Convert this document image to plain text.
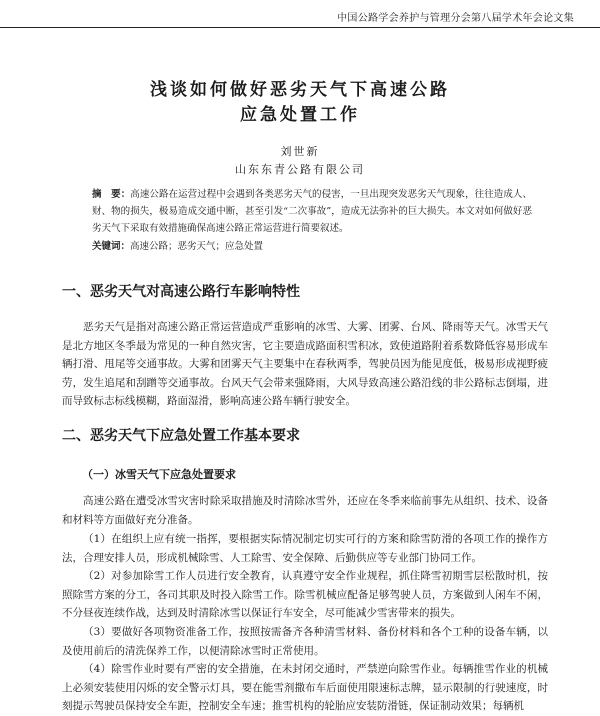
中国公路学会养护与管理分会第八届学术年会论文集
浅谈如何做好恶劣天气下高速公路
应急处置工作
刘世新
山东东青公路有限公司

摘　要：高速公路在运营过程中会遇到各类恶劣天气的侵害，一旦出现突发恶劣天气现象，往往造成人、财、物的损失，极易造成交通中断，甚至引发“二次事故”，造成无法弥补的巨大损失。本文对如何做好恶劣天气下采取有效措施确保高速公路正常运营进行简要叙述。

关键词：高速公路；恶劣天气；应急处置
一、恶劣天气对高速公路行车影响特性

恶劣天气是指对高速公路正常运营造成严重影响的冰雪、大雾、团雾、台风、降雨等天气。冰雪天气是北方地区冬季最为常见的一种自然灾害，它主要造成路面积雪积冰，致使道路附着系数降低容易形成车辆打滑、甩尾等交通事故。大雾和团雾天气主要集中在春秋两季，驾驶员因为能见度低，极易形成视野疲劳，发生追尾和刮蹭等交通事故。台风天气会带来强降雨，大风导致高速公路沿线的非公路标志倒塌，进而导致标志标线模糊，路面湿滑，影响高速公路车辆行驶安全。

二、恶劣天气下应急处置工作基本要求
（一）冰雪天气下应急处置要求

高速公路在遭受冰雪灾害时除采取措施及时清除冰雪外，还应在冬季来临前事先从组织、技术、设备和材料等方面做好充分准备。

（1）在组织上应有统一指挥，要根据实际情况制定切实可行的方案和除雪防滑的各项工作的操作方法，合理安排人员，形成机械除雪、人工除雪、安全保障、后勤供应等专业部门协同工作。

（2）对参加除雪工作人员进行安全教育，认真遵守安全作业规程，抓住降雪初期雪层松散时机，按照除雪方案的分工，各司其职及时投入除雪工作。除雪机械应配备足够驾驶人员，方案做到人闲车不闲，不分昼夜连续作战，达到及时清除冰雪以保证行车安全，尽可能减少雪害带来的损失。

（3）要做好各项物资准备工作，按照按需备齐各种清雪材料、备份材料和各个工种的设备车辆，以及使用前后的清洗保养工作，以便清除冰雪时正常使用。

（4）除雪作业时要有严密的安全措施，在未封闭交通时，严禁逆向除雪作业。每辆推雪作业的机械上必须安装使用闪烁的安全警示灯具，要在能雪剂撒布车后面使用限速标志牌，显示限制的行驶速度，时刻提示驾驶员保持安全车距，控制安全车速；推雪机构的轮胎应安装防滑链，保证制动效果；每辆机
